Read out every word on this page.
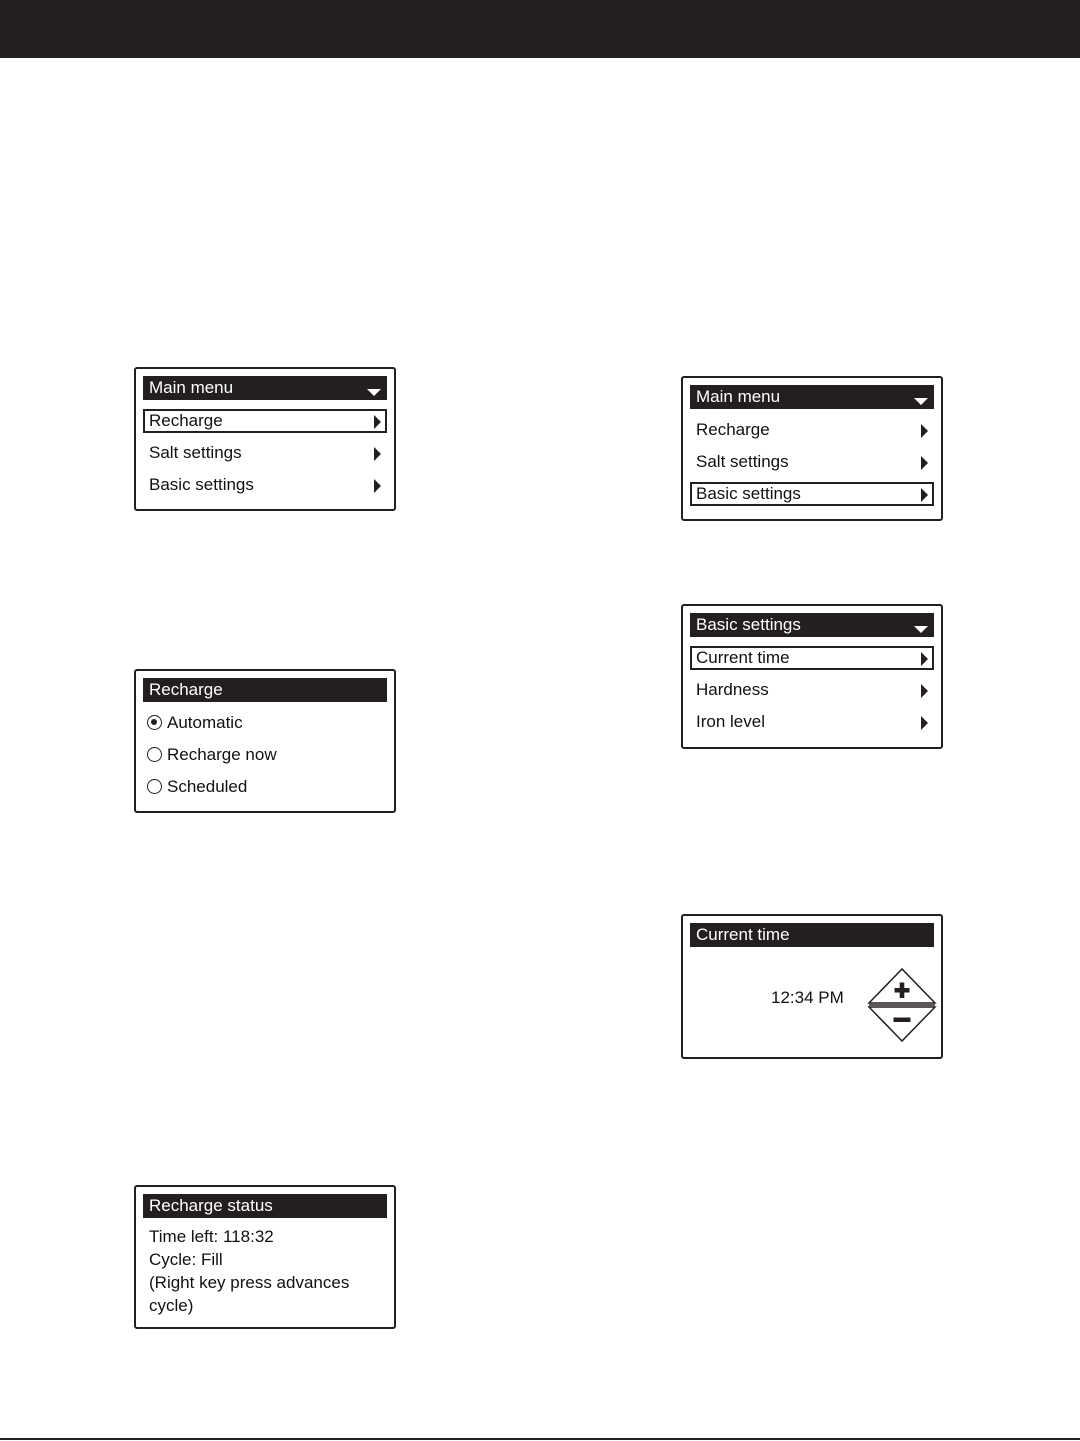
Main menu
Recharge
Salt settings
Basic settings
Recharge
Automatic
Recharge now
Scheduled
Recharge status
Time left: 118:32
Cycle: Fill
(Right key press advances
cycle)
Main menu
Recharge
Salt settings
Basic settings
Basic settings
Current time
Hardness
Iron level
Current time
12:34 PM
